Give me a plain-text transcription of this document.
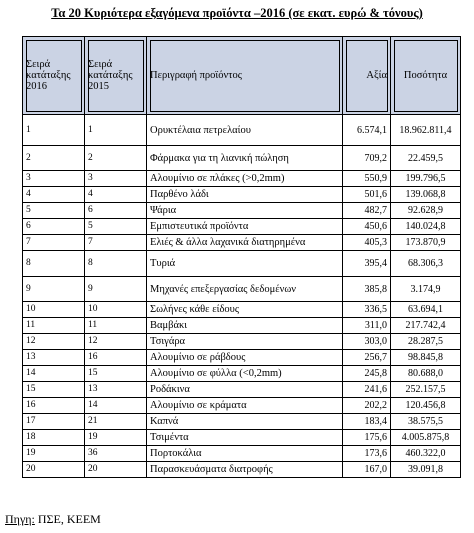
Τα 20 Κυριότερα εξαγόμενα προϊόντα –2016 (σε εκατ. ευρώ & τόνους)
Σειρά κατάταξης 2016	Σειρά κατάταξης 2015	Περιγραφή προϊόντος	Αξία	Ποσότητα
1	1	Ορυκτέλαια πετρελαίου	6.574,1	18.962.811,4
2	2	Φάρμακα για τη λιανική πώληση	709,2	22.459,5
3	3	Αλουμίνιο σε πλάκες (>0,2mm)	550,9	199.796,5
4	4	Παρθένο λάδι	501,6	139.068,8
5	6	Ψάρια	482,7	92.628,9
6	5	Εμπιστευτικά προϊόντα	450,6	140.024,8
7	7	Ελιές & άλλα λαχανικά διατηρημένα	405,3	173.870,9
8	8	Τυριά	395,4	68.306,3
9	9	Μηχανές επεξεργασίας δεδομένων	385,8	3.174,9
10	10	Σωλήνες κάθε είδους	336,5	63.694,1
11	11	Βαμβάκι	311,0	217.742,4
12	12	Τσιγάρα	303,0	28.287,5
13	16	Αλουμίνιο σε ράβδους	256,7	98.845,8
14	15	Αλουμίνιο σε φύλλα (<0,2mm)	245,8	80.688,0
15	13	Ροδάκινα	241,6	252.157,5
16	14	Αλουμίνιο σε κράματα	202,2	120.456,8
17	21	Καπνά	183,4	38.575,5
18	19	Τσιμέντα	175,6	4.005.875,8
19	36	Πορτοκάλια	173,6	460.322,0
20	20	Παρασκευάσματα διατροφής	167,0	39.091,8
Πηγη: ΠΣΕ, ΚΕΕΜ
